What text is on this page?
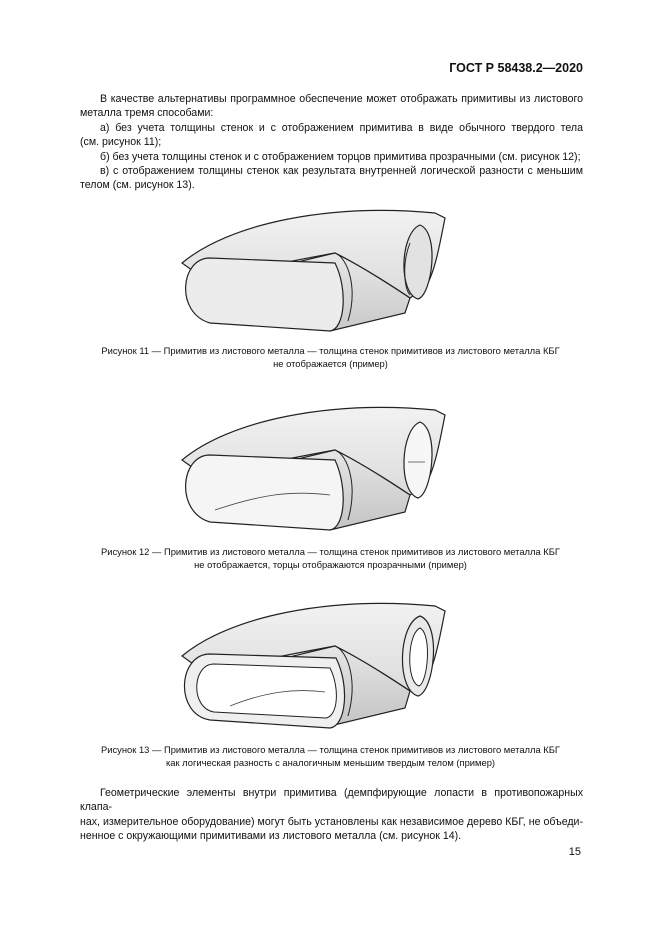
ГОСТ Р 58438.2—2020

В качестве альтернативы программное обеспечение может отображать примитивы из листового

металла тремя способами:

а) без учета толщины стенок и с отображением примитива в виде обычного твердого тела

(см. рисунок 11);

б) без учета толщины стенок и с отображением торцов примитива прозрачными (см. рисунок 12);

в) с отображением толщины стенок как результата внутренней логической разности с меньшим

телом (см. рисунок 13).

Рисунок 11 — Примитив из листового металла — толщина стенок примитивов из листового металла КБГ
не отображается (пример)
Рисунок 12 — Примитив из листового металла — толщина стенок примитивов из листового металла КБГ
не отображается, торцы отображаются прозрачными (пример)
Рисунок 13 — Примитив из листового металла — толщина стенок примитивов из листового металла КБГ
как логическая разность с аналогичным меньшим твердым телом (пример)

Геометрические элементы внутри примитива (демпфирующие лопасти в противопожарных клапа-

нах, измерительное оборудование) могут быть установлены как независимое дерево КБГ, не объеди-

ненное с окружающими примитивами из листового металла (см. рисунок 14).

15
